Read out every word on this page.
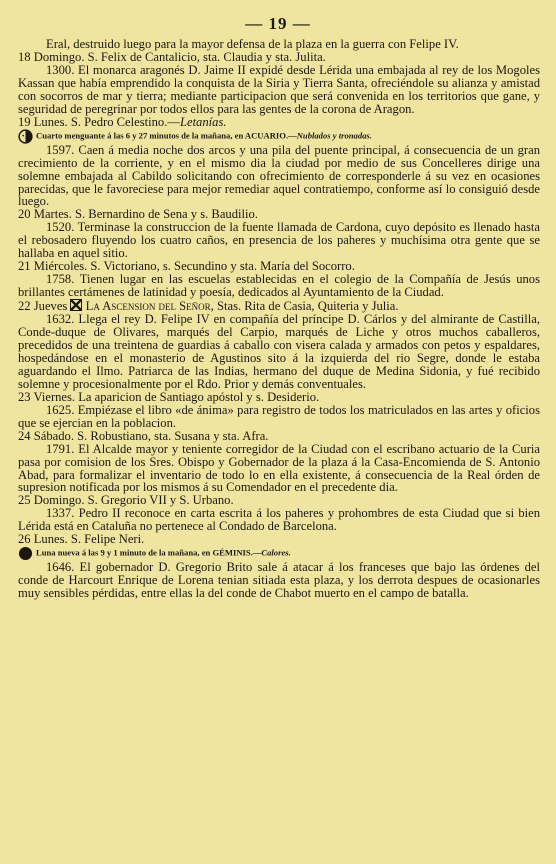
— 19 —

Eral, destruido luego para la mayor defensa de la plaza en la guerra con Felipe IV.

18 Domingo. S. Felix de Cantalicio, sta. Claudia y sta. Julita.

1300. El monarca aragonés D. Jaime II expidé desde Lérida una embajada al rey de los Mogoles Kassan que había emprendido la conquista de la Siria y Tierra Santa, ofreciéndole su alianza y amistad con socorros de mar y tierra; mediante participacion que será convenida en los territorios que gane, y seguridad de peregrinar por todos ellos para las gentes de la corona de Aragon.

19 Lunes. S. Pedro Celestino.—Letanías.

Cuarto menguante á las 6 y 27 minutos de la mañana, en ACUARIO.—Nublados y tronadas.

1597. Caen á media noche dos arcos y una pila del puente principal, á consecuencia de un gran crecimiento de la corriente, y en el mismo dia la ciudad por medio de sus Concelleres dirige una solemne embajada al Cabildo solicitando con ofrecimiento de corresponderle á su vez en ocasiones parecidas, que le favoreciese para mejor remediar aquel contratiempo, conforme así lo consiguió desde luego.

20 Martes. S. Bernardino de Sena y s. Baudilio.

1520. Terminase la construccion de la fuente llamada de Cardona, cuyo depósito es llenado hasta el rebosadero fluyendo los cuatro caños, en presencia de los paheres y muchísima otra gente que se hallaba en aquel sitio.

21 Miércoles. S. Victoriano, s. Secundino y sta. María del Socorro.

1758. Tienen lugar en las escuelas establecidas en el colegio de la Compañía de Jesús unos brillantes certámenes de latinidad y poesía, dedicados al Ayuntamiento de la Ciudad.

22 Jueves La Ascension del Señor, Stas. Rita de Casia, Quiteria y Julia.

1632. Llega el rey D. Felipe IV en compañía del príncipe D. Cárlos y del almirante de Castilla, Conde-duque de Olivares, marqués del Carpio, marqués de Liche y otros muchos caballeros, precedidos de una treintena de guardias á caballo con visera calada y armados con petos y espaldares, hospedándose en el monasterio de Agustinos sito á la izquierda del rio Segre, donde le estaba aguardando el Ilmo. Patriarca de las Indias, hermano del duque de Medina Sidonia, y fué recibido solemne y procesionalmente por el Rdo. Prior y demás conventuales.

23 Viernes. La aparicion de Santiago apóstol y s. Desiderio.

1625. Empiézase el libro «de ánima» para registro de todos los matriculados en las artes y oficios que se ejercian en la poblacion.

24 Sábado. S. Robustiano, sta. Susana y sta. Afra.

1791. El Alcalde mayor y teniente corregidor de la Ciudad con el escribano actuario de la Curia pasa por comision de los Sres. Obispo y Gobernador de la plaza á la Casa-Encomienda de S. Antonio Abad, para formalizar el inventario de todo lo en ella existente, á consecuencia de la Real órden de supresion notificada por los mismos á su Comendador en el precedente dia.

25 Domingo. S. Gregorio VII y S. Urbano.

1337. Pedro II reconoce en carta escrita á los paheres y prohombres de esta Ciudad que si bien Lérida está en Cataluña no pertenece al Condado de Barcelona.

26 Lunes. S. Felipe Neri.

Luna nueva á las 9 y 1 minuto de la mañana, en GÉMINIS.—Calores.

1646. El gobernador D. Gregorio Brito sale á atacar á los franceses que bajo las órdenes del conde de Harcourt Enrique de Lorena tenian sitiada esta plaza, y los derrota despues de ocasionarles muy sensibles pérdidas, entre ellas la del conde de Chabot muerto en el campo de batalla.
